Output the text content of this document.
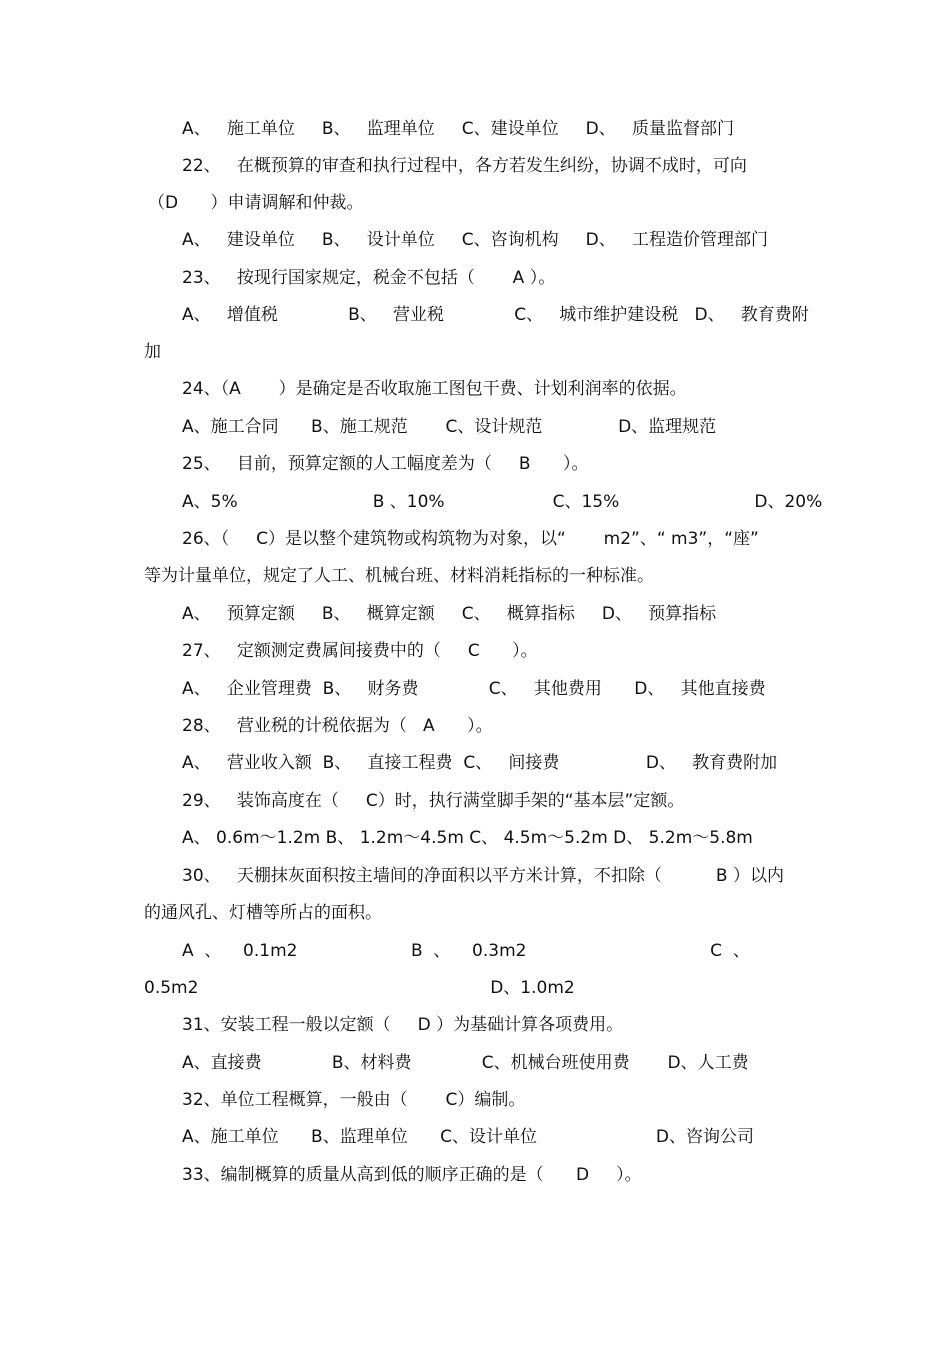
A、   施工单位     B、   监理单位     C、建设单位     D、   质量监督部门
22、   在概预算的审查和执行过程中，各方若发生纠纷，协调不成时，可向
（D      ）申请调解和仲裁。
A、   建设单位     B、   设计单位     C、咨询机构     D、   工程造价管理部门
23、   按现行国家规定，税金不包括（       A ）。
A、   增值税             B、   营业税             C、   城市维护建设税   D、   教育费附
加
24、（A       ）是确定是否收取施工图包干费、计划利润率的依据。
A、施工合同      B、施工规范       C、设计规范              D、监理规范
25、   目前，预算定额的人工幅度差为（     B      ）。
A、5%                         B 、10%                    C、15%                         D、20%
26、（     C）是以整个建筑物或构筑物为对象，以“       m2”、“ m3”，“座”
等为计量单位，规定了人工、机械台班、材料消耗指标的一种标准。
A、   预算定额     B、   概算定额     C、   概算指标     D、   预算指标
27、   定额测定费属间接费中的（     C      ）。
A、   企业管理费  B、   财务费             C、   其他费用      D、   其他直接费
28、   营业税的计税依据为（   A      ）。
A、   营业收入额  B、   直接工程费  C、   间接费                D、   教育费附加
29、   装饰高度在（     C）时，执行满堂脚手架的“基本层”定额。
A、 0.6m～1.2m B、 1.2m～4.5m C、 4.5m～5.2m D、 5.2m～5.8m
30、   天棚抹灰面积按主墙间的净面积以平方米计算，不扣除（          B ）以内
的通风孔、灯槽等所占的面积。
A  、    0.1m2                     B  、    0.3m2                                  C  、
0.5m2                                                      D、1.0m2
31、安装工程一般以定额（     D ）为基础计算各项费用。
A、直接费             B、材料费             C、机械台班使用费       D、人工费
32、单位工程概算，一般由（       C）编制。
A、施工单位      B、监理单位      C、设计单位                      D、咨询公司
33、编制概算的质量从高到低的顺序正确的是（      D     ）。
